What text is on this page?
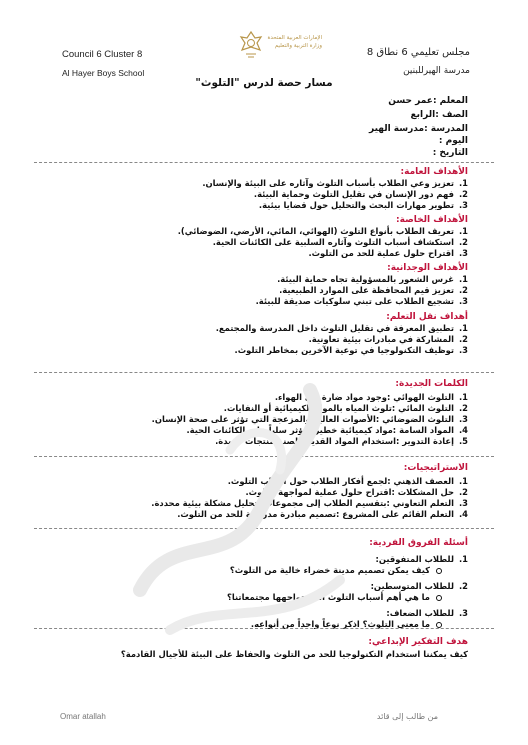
Council 6 Cluster 8
Al Hayer Boys School
مجلس تعليمي 6 نطاق 8
مدرسة الهيرللبنين
الإمارات العربية المتحدة
وزارة التربية والتعليم
مسار حصة لدرس "التلوث"
المعلم :عمر حسن
الصف :الرابع
المدرسة :مدرسة الهير
اليوم :
التاريخ :
الأهداف العامة:
1.
تعزيز وعي الطلاب بأسباب التلوث وآثاره على البيئة والإنسان.
2.
فهم دور الإنسان في تقليل التلوث وحماية البيئة.
3.
تطوير مهارات البحث والتحليل حول قضايا بيئية.
الأهداف الخاصة:
1.
تعريف الطلاب بأنواع التلوث (الهوائي، المائي، الأرضي، الضوضائي).
2.
استكشاف أسباب التلوث وآثاره السلبية على الكائنات الحية.
3.
اقتراح حلول عملية للحد من التلوث.
الأهداف الوجدانية:
1.
غرس الشعور بالمسؤولية تجاه حماية البيئة.
2.
تعزيز قيم المحافظة على الموارد الطبيعية.
3.
تشجيع الطلاب على تبني سلوكيات صديقة للبيئة.
أهداف نقل التعلم:
1.
تطبيق المعرفة في تقليل التلوث داخل المدرسة والمجتمع.
2.
المشاركة في مبادرات بيئية تعاونية.
3.
توظيف التكنولوجيا في توعية الآخرين بمخاطر التلوث.
الكلمات الجديدة:
1.
التلوث الهوائي :وجود مواد ضارة في الهواء.
2.
التلوث المائي :تلوث المياه بالمواد الكيميائية أو النفايات.
3.
التلوث الضوضائي :الأصوات العالية والمزعجة التي تؤثر على صحة الإنسان.
4.
المواد السامة :مواد كيميائية خطيرة تؤثر سلباً على الكائنات الحية.
5.
إعادة التدوير :استخدام المواد القديمة لصنع منتجات جديدة.
الاستراتيجيات:
1.
العصف الذهني :لجمع أفكار الطلاب حول أسباب التلوث.
2.
حل المشكلات :اقتراح حلول عملية لمواجهة التلوث.
3.
التعلم التعاوني :بتقسيم الطلاب إلى مجموعات لتحليل مشكلة بيئية محددة.
4.
التعلم القائم على المشروع :تصميم مبادرة مدرسية للحد من التلوث.
أسئلة الفروق الفردية:
1.
للطلاب المتفوقين:
كيف يمكن تصميم مدينة خضراء خالية من التلوث؟
2.
للطلاب المتوسطين:
ما هي أهم أسباب التلوث التي تواجهها مجتمعاتنا؟
3.
للطلاب الضعاف:
ما معنى التلوث؟ اذكر نوعاً واحداً من أنواعه.
هدف التفكير الإبداعي:
كيف يمكننا استخدام التكنولوجيا للحد من التلوث والحفاظ على البيئة للأجيال القادمة؟
Omar atallah	من طالب إلى قائد
